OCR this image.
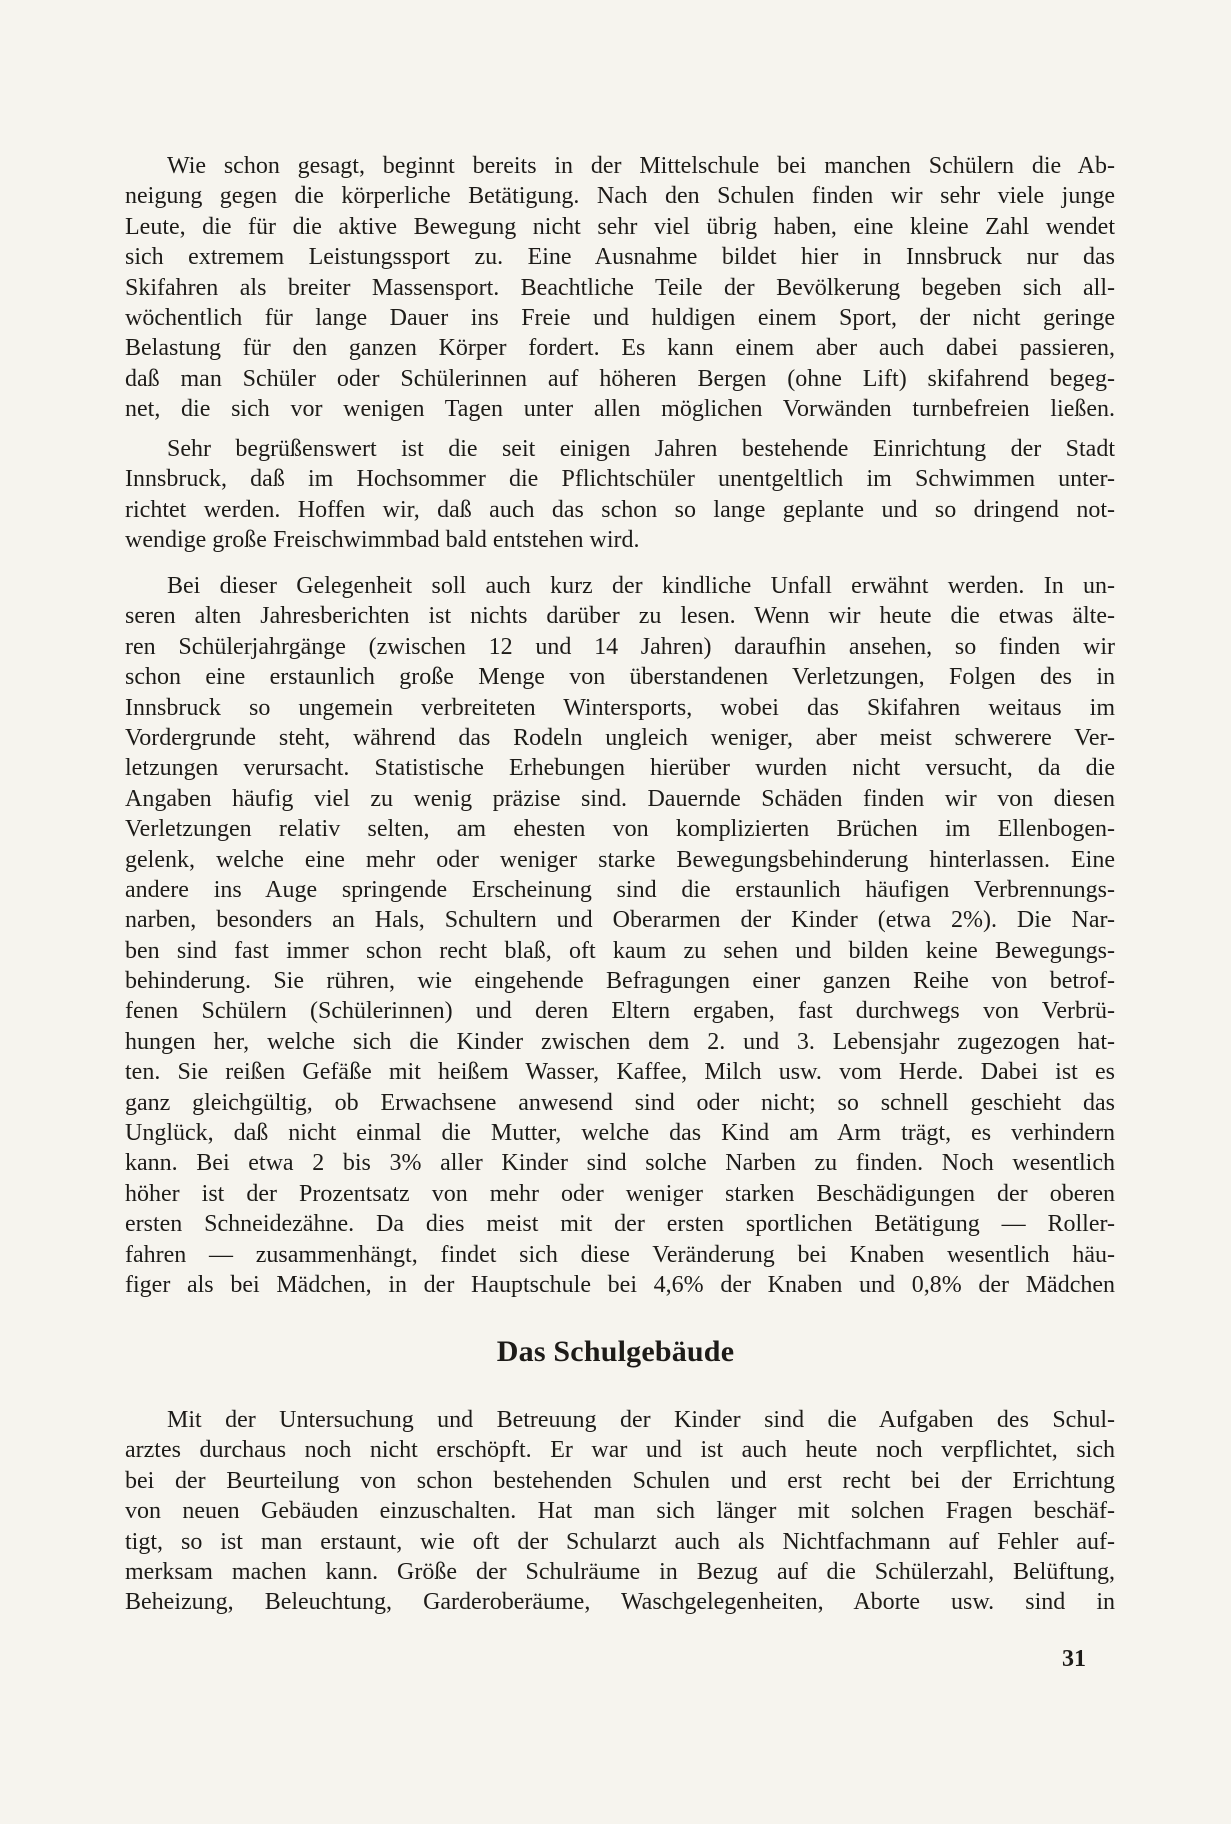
Wie schon gesagt, beginnt bereits in der Mittelschule bei manchen Schülern die Ab-
neigung gegen die körperliche Betätigung. Nach den Schulen finden wir sehr viele junge
Leute, die für die aktive Bewegung nicht sehr viel übrig haben, eine kleine Zahl wendet
sich extremem Leistungssport zu. Eine Ausnahme bildet hier in Innsbruck nur das
Skifahren als breiter Massensport. Beachtliche Teile der Bevölkerung begeben sich all-
wöchentlich für lange Dauer ins Freie und huldigen einem Sport, der nicht geringe
Belastung für den ganzen Körper fordert. Es kann einem aber auch dabei passieren,
daß man Schüler oder Schülerinnen auf höheren Bergen (ohne Lift) skifahrend begeg-
net, die sich vor wenigen Tagen unter allen möglichen Vorwänden turnbefreien ließen.
Sehr begrüßenswert ist die seit einigen Jahren bestehende Einrichtung der Stadt
Innsbruck, daß im Hochsommer die Pflichtschüler unentgeltlich im Schwimmen unter-
richtet werden. Hoffen wir, daß auch das schon so lange geplante und so dringend not-
wendige große Freischwimmbad bald entstehen wird.
Bei dieser Gelegenheit soll auch kurz der kindliche Unfall erwähnt werden. In un-
seren alten Jahresberichten ist nichts darüber zu lesen. Wenn wir heute die etwas älte-
ren Schülerjahrgänge (zwischen 12 und 14 Jahren) daraufhin ansehen, so finden wir
schon eine erstaunlich große Menge von überstandenen Verletzungen, Folgen des in
Innsbruck so ungemein verbreiteten Wintersports, wobei das Skifahren weitaus im
Vordergrunde steht, während das Rodeln ungleich weniger, aber meist schwerere Ver-
letzungen verursacht. Statistische Erhebungen hierüber wurden nicht versucht, da die
Angaben häufig viel zu wenig präzise sind. Dauernde Schäden finden wir von diesen
Verletzungen relativ selten, am ehesten von komplizierten Brüchen im Ellenbogen-
gelenk, welche eine mehr oder weniger starke Bewegungsbehinderung hinterlassen. Eine
andere ins Auge springende Erscheinung sind die erstaunlich häufigen Verbrennungs-
narben, besonders an Hals, Schultern und Oberarmen der Kinder (etwa 2%). Die Nar-
ben sind fast immer schon recht blaß, oft kaum zu sehen und bilden keine Bewegungs-
behinderung. Sie rühren, wie eingehende Befragungen einer ganzen Reihe von betrof-
fenen Schülern (Schülerinnen) und deren Eltern ergaben, fast durchwegs von Verbrü-
hungen her, welche sich die Kinder zwischen dem 2. und 3. Lebensjahr zugezogen hat-
ten. Sie reißen Gefäße mit heißem Wasser, Kaffee, Milch usw. vom Herde. Dabei ist es
ganz gleichgültig, ob Erwachsene anwesend sind oder nicht; so schnell geschieht das
Unglück, daß nicht einmal die Mutter, welche das Kind am Arm trägt, es verhindern
kann. Bei etwa 2 bis 3% aller Kinder sind solche Narben zu finden. Noch wesentlich
höher ist der Prozentsatz von mehr oder weniger starken Beschädigungen der oberen
ersten Schneidezähne. Da dies meist mit der ersten sportlichen Betätigung — Roller-
fahren — zusammenhängt, findet sich diese Veränderung bei Knaben wesentlich häu-
figer als bei Mädchen, in der Hauptschule bei 4,6% der Knaben und 0,8% der Mädchen
Das Schulgebäude
Mit der Untersuchung und Betreuung der Kinder sind die Aufgaben des Schul-
arztes durchaus noch nicht erschöpft. Er war und ist auch heute noch verpflichtet, sich
bei der Beurteilung von schon bestehenden Schulen und erst recht bei der Errichtung
von neuen Gebäuden einzuschalten. Hat man sich länger mit solchen Fragen beschäf-
tigt, so ist man erstaunt, wie oft der Schularzt auch als Nichtfachmann auf Fehler auf-
merksam machen kann. Größe der Schulräume in Bezug auf die Schülerzahl, Belüftung,
Beheizung, Beleuchtung, Garderoberäume, Waschgelegenheiten, Aborte usw. sind in

31
